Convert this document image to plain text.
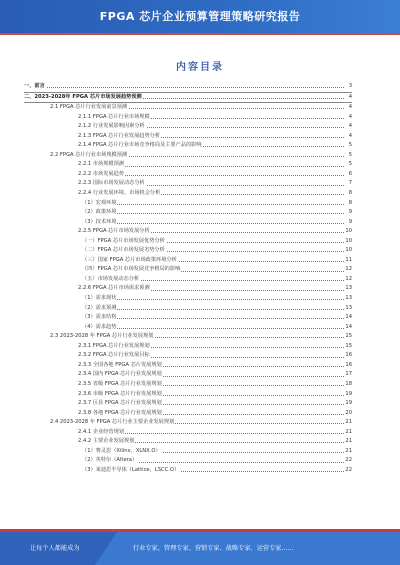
FPGA 芯片企业预算管理策略研究报告
内容目录
一、前言	3
二、2023-2028年 FPGA 芯片市场发展趋势预测	4
2.1 FPGA 芯片行业发展前景预测	4
2.1.1 FPGA 芯片行业市场规模	4
2.1.2 行业发展影响因素分析	4
2.1.3 FPGA 芯片行业发展趋势分析	4
2.1.4 FPGA 芯片行业市场竞争格局及主要产品的影响	5
2.2 FPGA 芯片行业市场规模预测	5
2.2.1 市场规模预测	5
2.2.2 市场发展趋势	6
2.2.3 国际市场发展动态分析	7
2.2.4 行业发展环境、市场机会分析	8
（1）宏观环境	8
（2）政策环境	9
（3）技术环境	9
2.2.5 FPGA 芯片市场发展分析	10
（一）FPGA 芯片市场发展优势分析	10
（二）FPGA 芯片市场发展劣势分析	10
（三）国家 FPGA 芯片市场政策环境分析	11
（四）FPGA 芯片市场发展竞争格局的影响	12
（五）市场发展动态分析	12
2.2.6 FPGA 芯片市场需求预测	13
（1）需求现状	13
（2）需求预测	13
（3）需求结构	14
（4）需求趋势	14
2.3 2023-2028 年 FPGA 芯片行业发展规划	15
2.3.1 FPGA 芯片行业发展规划	15
2.3.2 FPGA 芯片行业发展目标	16
2.3.3 全国各地 FPGA 芯片发展规划	16
2.3.4 国内 FPGA 芯片行业发展规划	17
2.3.5 省级 FPGA 芯片行业发展规划	18
2.3.6 市级 FPGA 芯片行业发展规划	19
2.3.7 区县 FPGA 芯片行业发展规划	19
2.3.8 各地 FPGA 芯片行业发展规划	20
2.4 2023-2028 年 FPGA 芯片行业主要企业发展规划	21
2.4.1 企业经营规划	21
2.4.2 主要企业发展规划	21
（1）赛灵思（Xilinx，XLNX.O）	21
（2）英特尔（Altera）	22
（3）莱迪思半导体（Lattice，LSCC.O）	22
让每个人都能成为	行业专家、管理专家、营销专家、战略专家、运营专家……
